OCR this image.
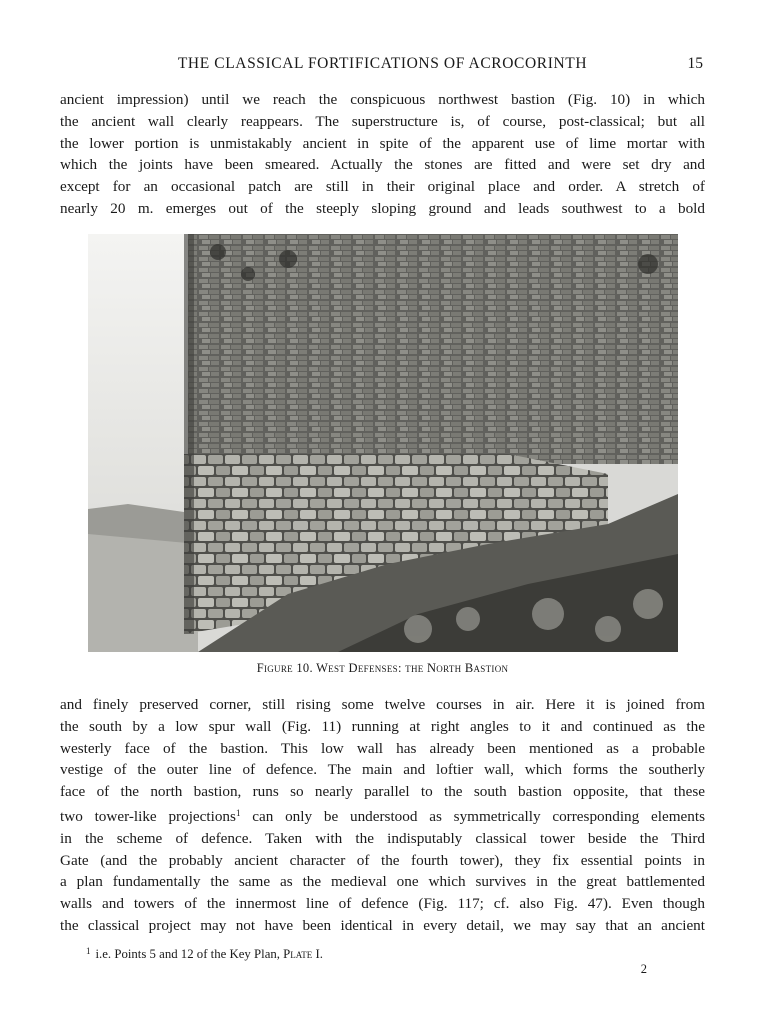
THE CLASSICAL FORTIFICATIONS OF ACROCORINTH	15

ancient impression) until we reach the conspicuous northwest bastion (Fig. 10) in which
the ancient wall clearly reappears. The superstructure is, of course, post-classical; but all
the lower portion is unmistakably ancient in spite of the apparent use of lime mortar with
which the joints have been smeared. Actually the stones are fitted and were set dry and
except for an occasional patch are still in their original place and order. A stretch of
nearly 20 m. emerges out of the steeply sloping ground and leads southwest to a bold

Figure 10. West Defenses: the North Bastion

and finely preserved corner, still rising some twelve courses in air. Here it is joined from
the south by a low spur wall (Fig. 11) running at right angles to it and continued as the
westerly face of the bastion. This low wall has already been mentioned as a probable
vestige of the outer line of defence. The main and loftier wall, which forms the southerly
face of the north bastion, runs so nearly parallel to the south bastion opposite, that these
two tower-like projections$^1$ can only be understood as symmetrically corresponding elements
in the scheme of defence. Taken with the indisputably classical tower beside the Third
Gate (and the probably ancient character of the fourth tower), they fix essential points in
a plan fundamentally the same as the medieval one which survives in the great battlemented
walls and towers of the innermost line of defence (Fig. 117; cf. also Fig. 47). Even though
the classical project may not have been identical in every detail, we may say that an ancient

$^1$ i.e. Points 5 and 12 of the Key Plan, Plate I.
2
